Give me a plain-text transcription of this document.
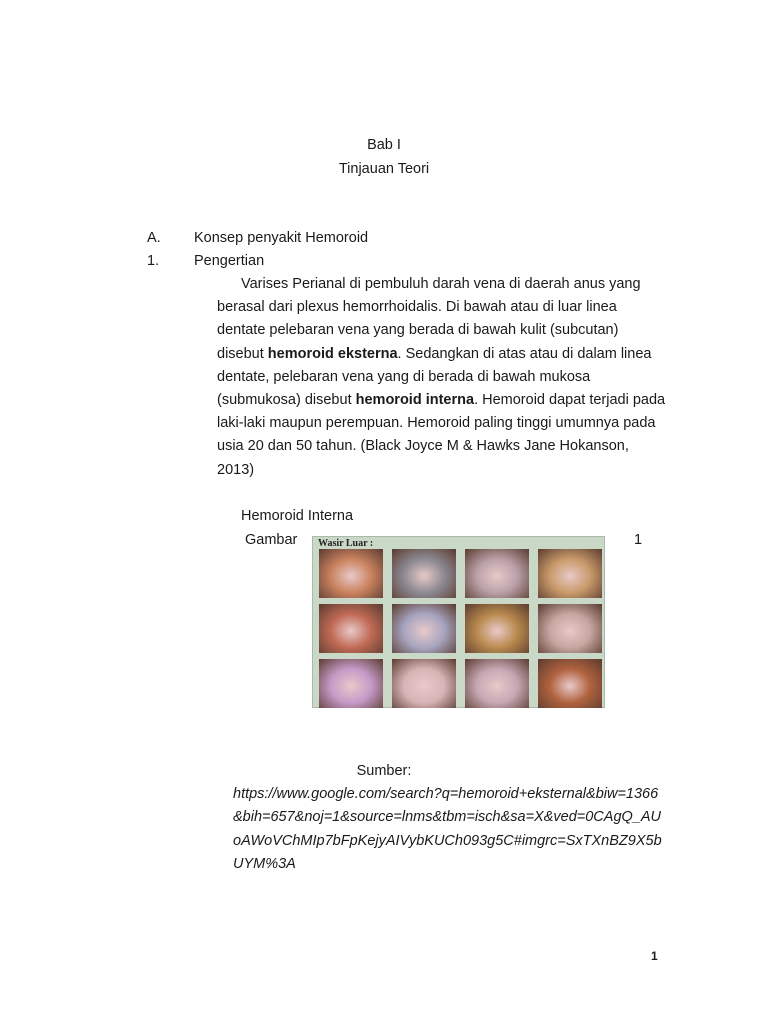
Bab I
Tinjauan Teori
A. Konsep penyakit Hemoroid
1. Pengertian
Varises Perianal di pembuluh darah vena di daerah anus yang
berasal dari plexus hemorrhoidalis. Di bawah atau di luar linea
dentate pelebaran vena yang berada di bawah kulit (subcutan)
disebut hemoroid eksterna. Sedangkan di atas atau di dalam linea
dentate, pelebaran vena yang di berada di bawah mukosa
(submukosa) disebut hemoroid interna. Hemoroid dapat terjadi pada
laki-laki maupun perempuan. Hemoroid paling tinggi umumnya pada
usia 20 dan 50 tahun. (Black Joyce M & Hawks Jane Hokanson,
2013)
Hemoroid Interna
Gambar	1
Wasir Luar :
Sumber:
https://www.google.com/search?q=hemoroid+eksternal&biw=1366
&bih=657&noj=1&source=lnms&tbm=isch&sa=X&ved=0CAgQ_AU
oAWoVChMIp7bFpKejyAIVybKUCh093g5C#imgrc=SxTXnBZ9X5b
UYM%3A
1
